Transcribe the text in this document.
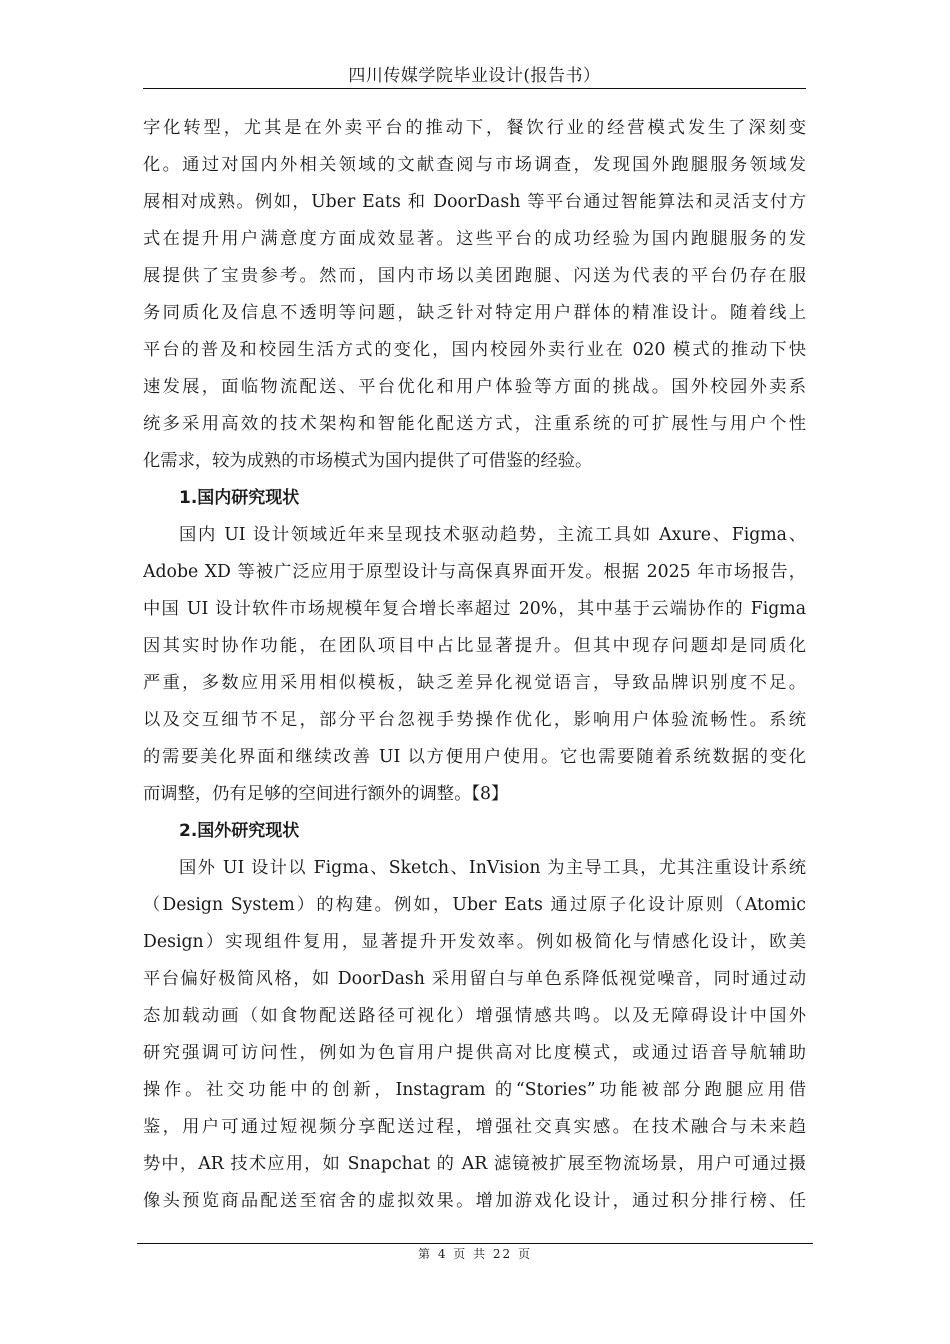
四川传媒学院毕业设计(报告书）
字化转型，尤其是在外卖平台的推动下，餐饮行业的经营模式发生了深刻变
化。通过对国内外相关领域的文献查阅与市场调查，发现国外跑腿服务领域发
展相对成熟。例如，Uber Eats 和 DoorDash 等平台通过智能算法和灵活支付方
式在提升用户满意度方面成效显著。这些平台的成功经验为国内跑腿服务的发
展提供了宝贵参考。然而，国内市场以美团跑腿、闪送为代表的平台仍存在服
务同质化及信息不透明等问题，缺乏针对特定用户群体的精准设计。随着线上
平台的普及和校园生活方式的变化，国内校园外卖行业在 020 模式的推动下快
速发展，面临物流配送、平台优化和用户体验等方面的挑战。国外校园外卖系
统多采用高效的技术架构和智能化配送方式，注重系统的可扩展性与用户个性
化需求，较为成熟的市场模式为国内提供了可借鉴的经验。
1.国内研究现状
国内 UI 设计领域近年来呈现技术驱动趋势，主流工具如 Axure、Figma、
Adobe XD 等被广泛应用于原型设计与高保真界面开发。根据 2025 年市场报告，
中国 UI 设计软件市场规模年复合增长率超过 20%，其中基于云端协作的 Figma
因其实时协作功能，在团队项目中占比显著提升。但其中现存问题却是同质化
严重，多数应用采用相似模板，缺乏差异化视觉语言，导致品牌识别度不足。
以及交互细节不足，部分平台忽视手势操作优化，影响用户体验流畅性。系统
的需要美化界面和继续改善 UI 以方便用户使用。它也需要随着系统数据的变化
而调整，仍有足够的空间进行额外的调整。【8】
2.国外研究现状
国外 UI 设计以 Figma、Sketch、InVision 为主导工具，尤其注重设计系统
（Design System）的构建。例如，Uber Eats 通过原子化设计原则（Atomic
Design）实现组件复用，显著提升开发效率。例如极简化与情感化设计，欧美
平台偏好极简风格，如 DoorDash 采用留白与单色系降低视觉噪音，同时通过动
态加载动画（如食物配送路径可视化）增强情感共鸣。以及无障碍设计中国外
研究强调可访问性，例如为色盲用户提供高对比度模式，或通过语音导航辅助
操作。社交功能中的创新，Instagram 的“Stories”功能被部分跑腿应用借
鉴，用户可通过短视频分享配送过程，增强社交真实感。在技术融合与未来趋
势中，AR 技术应用，如 Snapchat 的 AR 滤镜被扩展至物流场景，用户可通过摄
像头预览商品配送至宿舍的虚拟效果。增加游戏化设计，通过积分排行榜、任
第 4 页 共 22 页
